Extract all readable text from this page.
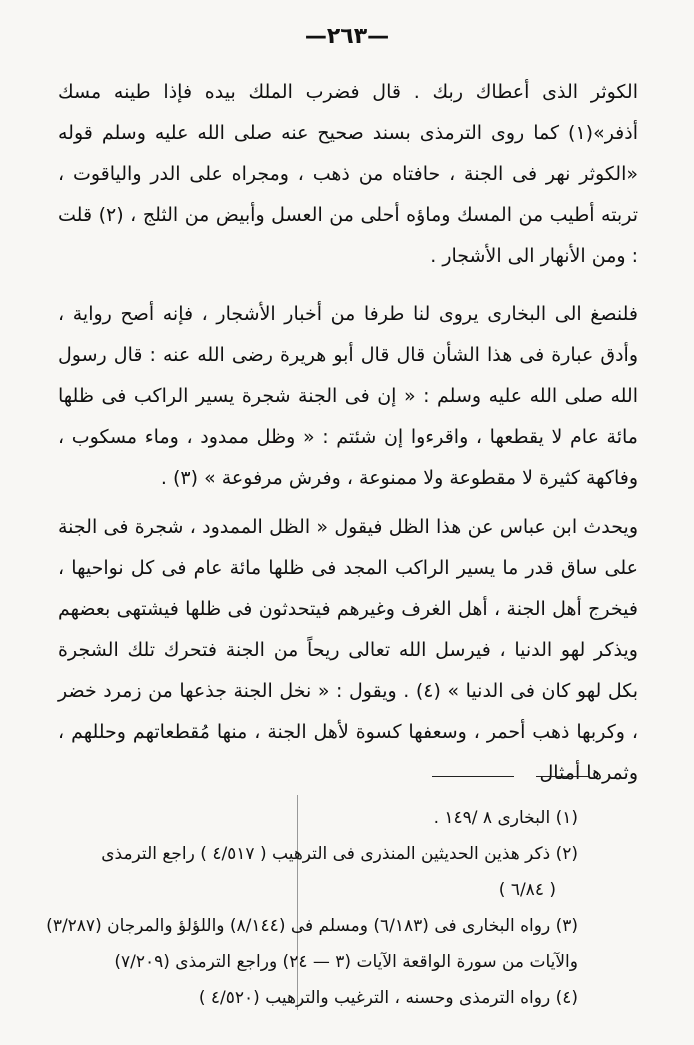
—٢٦٣—
الكوثر الذى أعطاك ربك . قال فضرب الملك بيده فإذا طينه مسك أذفر»(١) كما روى الترمذى بسند صحيح عنه صلى الله عليه وسلم قوله «الكوثر نهر فى الجنة ، حافتاه من ذهب ، ومجراه على الدر والياقوت ، تربته أطيب من المسك وماؤه أحلى من العسل وأبيض من الثلج ، (٢) قلت : ومن الأنهار الى الأشجار .
فلنصغ الى البخارى يروى لنا طرفا من أخبار الأشجار ، فإنه أصح رواية ، وأدق عبارة فى هذا الشأن قال قال أبو هريرة رضى الله عنه : قال رسول الله صلى الله عليه وسلم : « إن فى الجنة شجرة يسير الراكب فى ظلها مائة عام لا يقطعها ، واقرءوا إن شئتم : « وظل ممدود ، وماء مسكوب ، وفاكهة كثيرة لا مقطوعة ولا ممنوعة ، وفرش مرفوعة » (٣) .
ويحدث ابن عباس عن هذا الظل فيقول « الظل الممدود ، شجرة فى الجنة على ساق قدر ما يسير الراكب المجد فى ظلها مائة عام فى كل نواحيها ، فيخرج أهل الجنة ، أهل الغرف وغيرهم فيتحدثون فى ظلها فيشتهى بعضهم ويذكر لهو الدنيا ، فيرسل الله تعالى ريحاً من الجنة فتحرك تلك الشجرة بكل لهو كان فى الدنيا » (٤) . ويقول : « نخل الجنة جذعها من زمرد خضر ، وكربها ذهب أحمر ، وسعفها كسوة لأهل الجنة ، منها مُقطعاتهم وحللهم ، وثمرها أمثال
(١) البخارى ٨ /١٤٩ .
(٢) ذكر هذين الحديثين المنذرى فى الترهيب ( ٤/٥١٧ ) راجع الترمذى
( ٦/٨٤ )
(٣) رواه البخارى فى (٦/١٨٣) ومسلم فى (٨/١٤٤) واللؤلؤ والمرجان (٣/٢٨٧)
والآيات من سورة الواقعة الآيات (٣ — ٢٤) وراجع الترمذى (٧/٢٠٩)
(٤) رواه الترمذى وحسنه ، الترغيب والترهيب (٤/٥٢٠ )
